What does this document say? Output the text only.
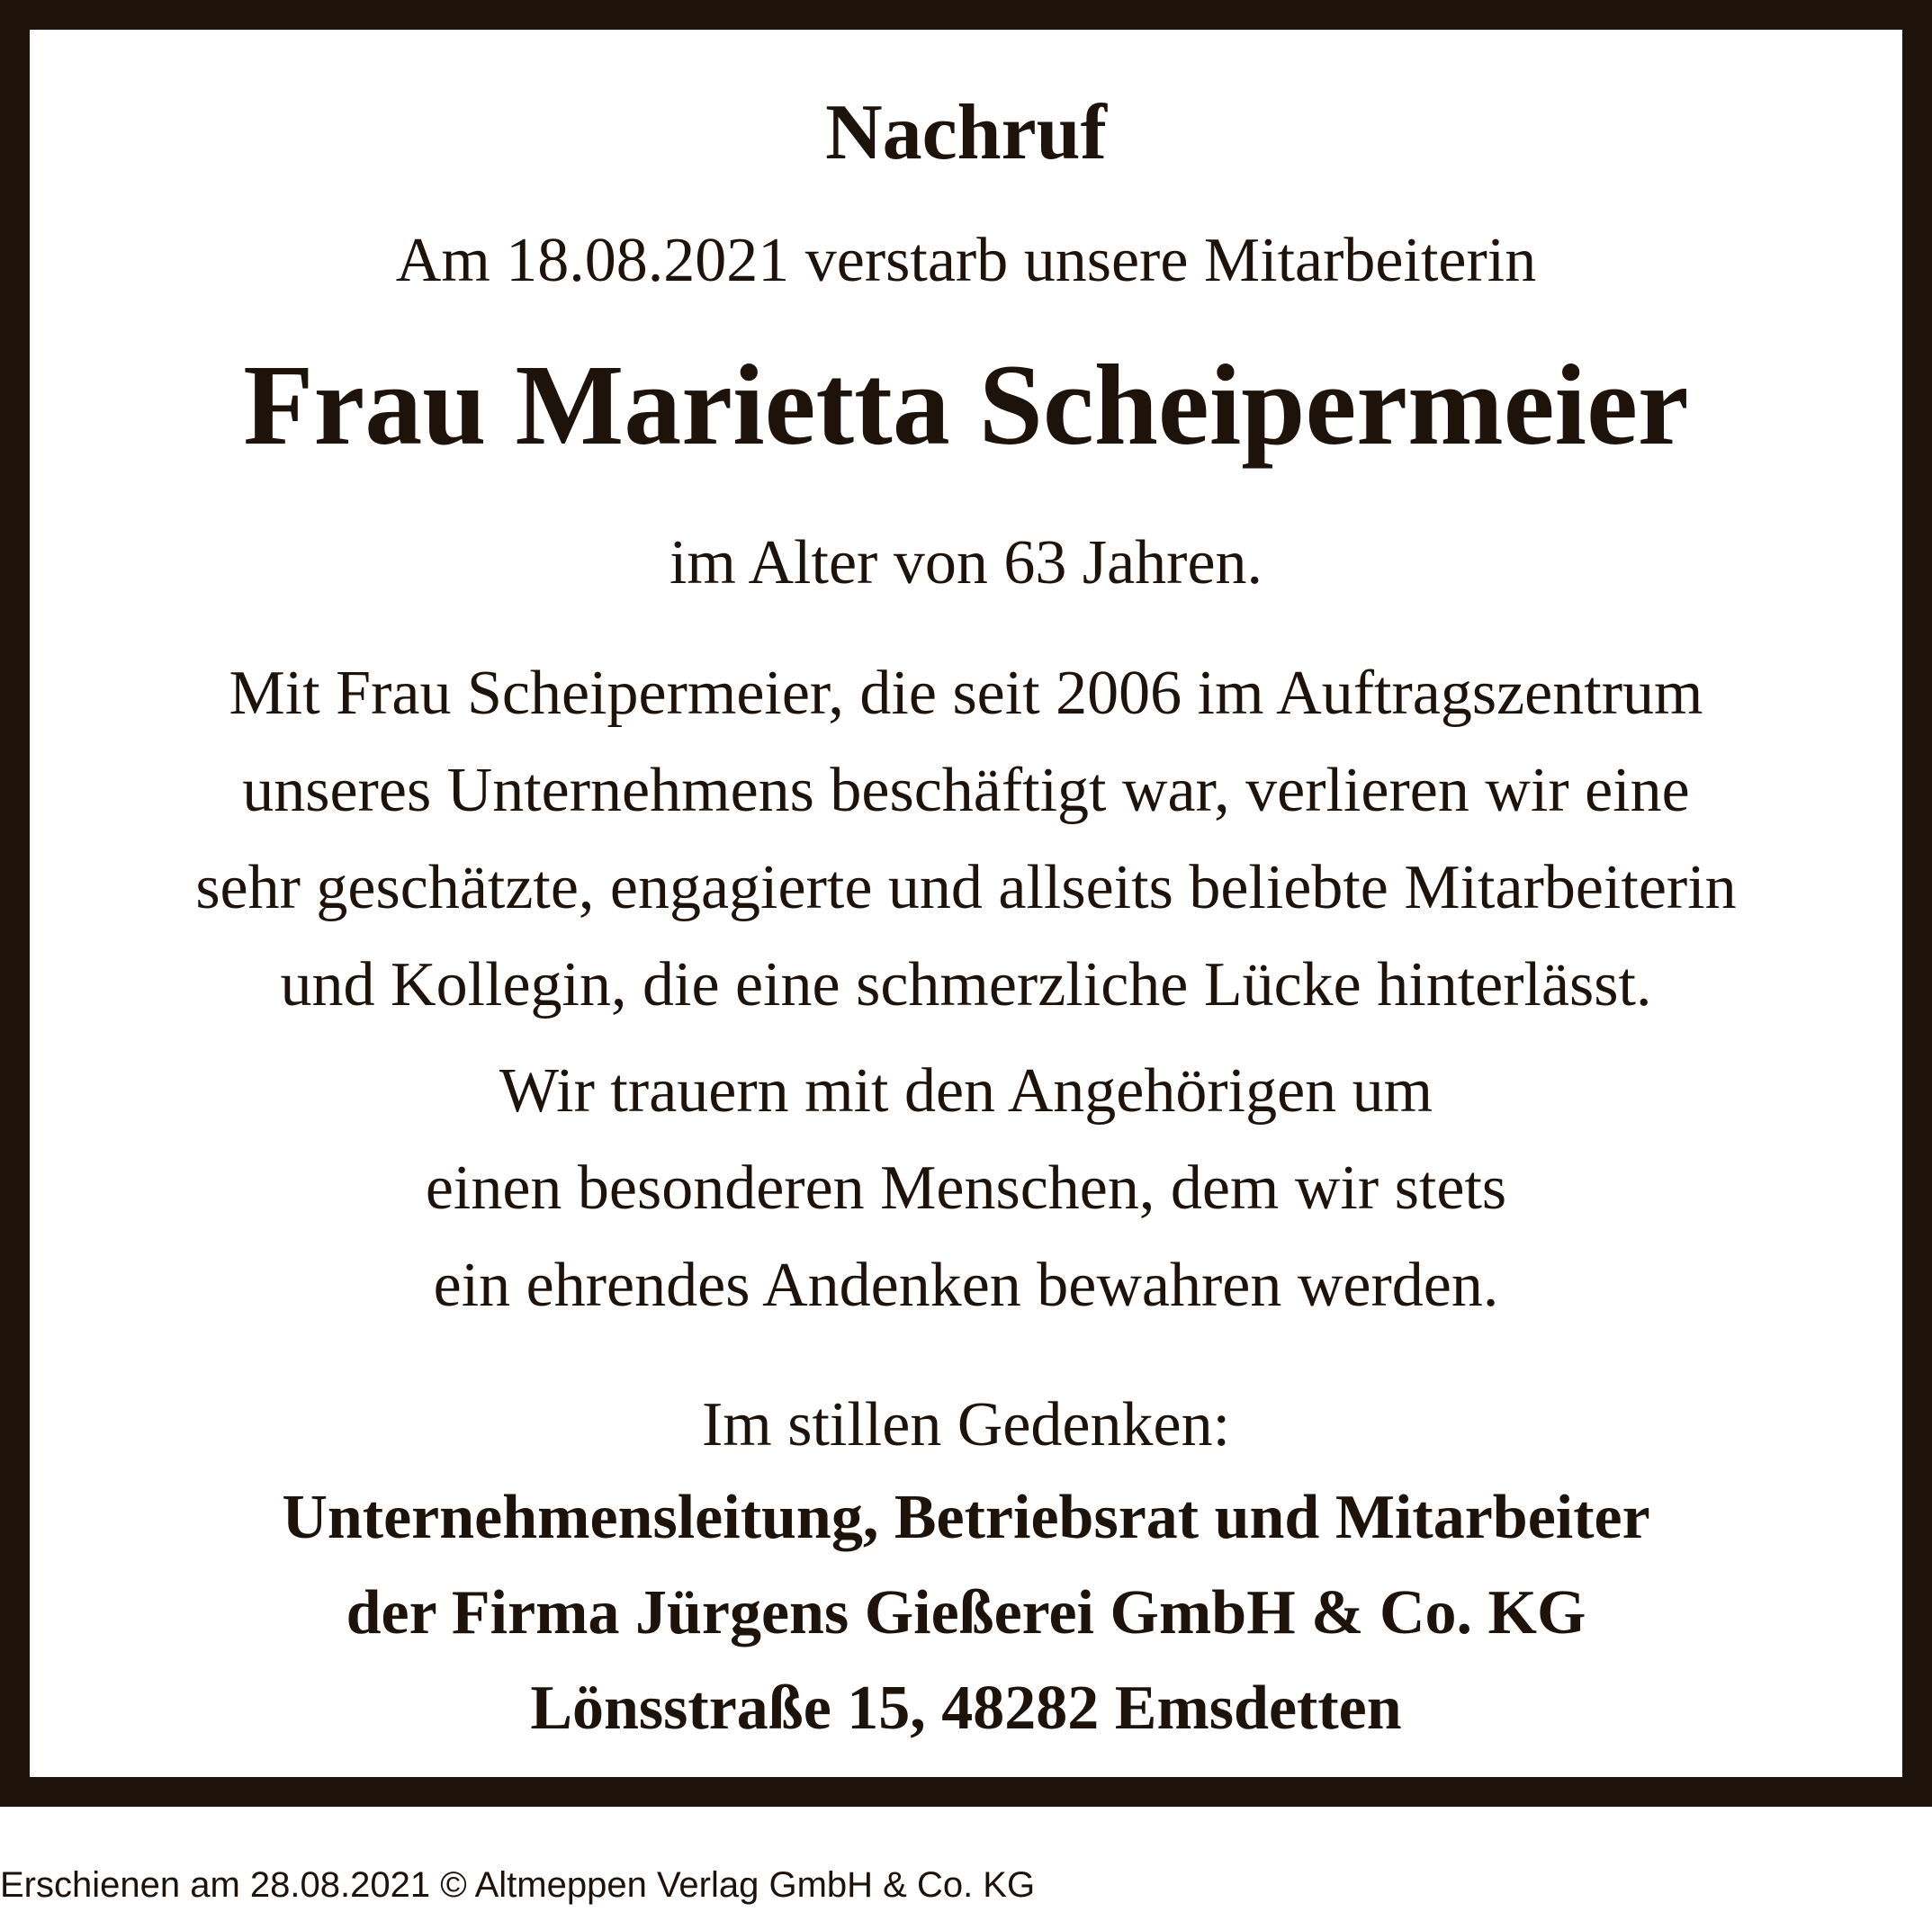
Nachruf

Am 18.08.2021 verstarb unsere Mitarbeiterin

Frau Marietta Scheipermeier

im Alter von 63 Jahren.

Mit Frau Scheipermeier, die seit 2006 im Auftragszentrum
unseres Unternehmens beschäftigt war, verlieren wir eine
sehr geschätzte, engagierte und allseits beliebte Mitarbeiterin
und Kollegin, die eine schmerzliche Lücke hinterlässt.
Wir trauern mit den Angehörigen um
einen besonderen Menschen, dem wir stets
ein ehrendes Andenken bewahren werden.

Im stillen Gedenken:

Unternehmensleitung, Betriebsrat und Mitarbeiter
der Firma Jürgens Gießerei GmbH & Co. KG
Lönsstraße 15, 48282 Emsdetten
Erschienen am 28.08.2021 © Altmeppen Verlag GmbH & Co. KG
